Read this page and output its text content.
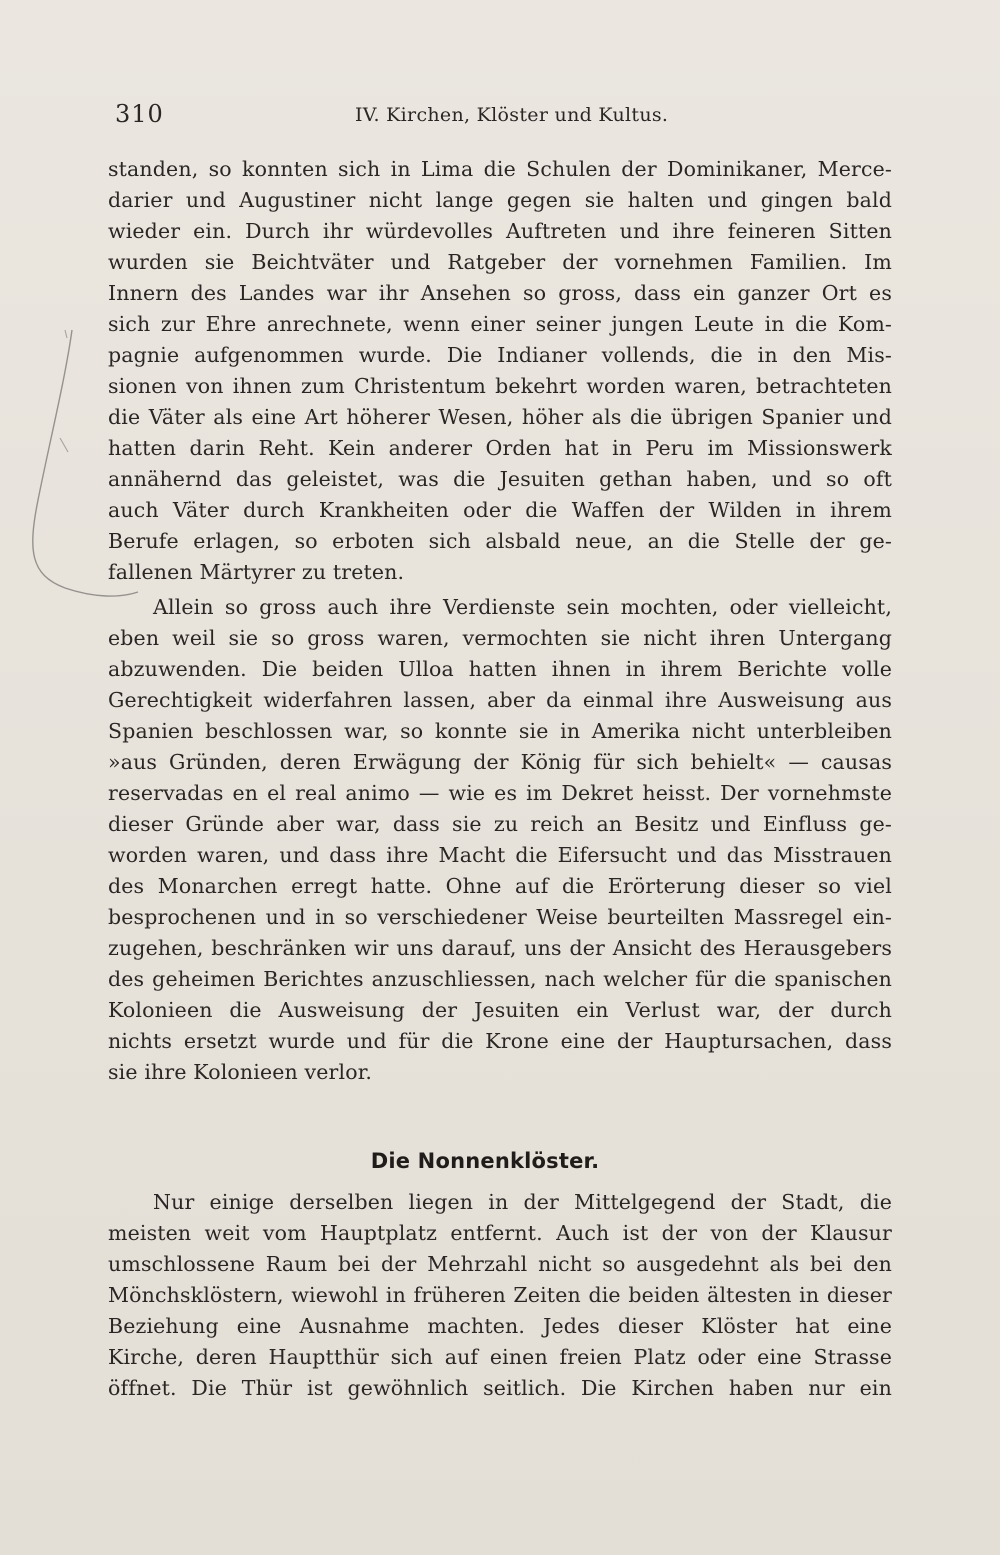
310	IV. Kirchen, Klöster und Kultus.
standen, so konnten sich in Lima die Schulen der Dominikaner, Merce-
darier und Augustiner nicht lange gegen sie halten und gingen bald
wieder ein. Durch ihr würdevolles Auftreten und ihre feineren Sitten
wurden sie Beichtväter und Ratgeber der vornehmen Familien. Im
Innern des Landes war ihr Ansehen so gross, dass ein ganzer Ort es
sich zur Ehre anrechnete, wenn einer seiner jungen Leute in die Kom-
pagnie aufgenommen wurde. Die Indianer vollends, die in den Mis-
sionen von ihnen zum Christentum bekehrt worden waren, betrachteten
die Väter als eine Art höherer Wesen, höher als die übrigen Spanier und
hatten darin Reht. Kein anderer Orden hat in Peru im Missionswerk
annähernd das geleistet, was die Jesuiten gethan haben, und so oft
auch Väter durch Krankheiten oder die Waffen der Wilden in ihrem
Berufe erlagen, so erboten sich alsbald neue, an die Stelle der ge-
fallenen Märtyrer zu treten.
Allein so gross auch ihre Verdienste sein mochten, oder vielleicht,
eben weil sie so gross waren, vermochten sie nicht ihren Untergang
abzuwenden. Die beiden Ulloa hatten ihnen in ihrem Berichte volle
Gerechtigkeit widerfahren lassen, aber da einmal ihre Ausweisung aus
Spanien beschlossen war, so konnte sie in Amerika nicht unterbleiben
»aus Gründen, deren Erwägung der König für sich behielt« — causas
reservadas en el real animo — wie es im Dekret heisst. Der vornehmste
dieser Gründe aber war, dass sie zu reich an Besitz und Einfluss ge-
worden waren, und dass ihre Macht die Eifersucht und das Misstrauen
des Monarchen erregt hatte. Ohne auf die Erörterung dieser so viel
besprochenen und in so verschiedener Weise beurteilten Massregel ein-
zugehen, beschränken wir uns darauf, uns der Ansicht des Herausgebers
des geheimen Berichtes anzuschliessen, nach welcher für die spanischen
Kolonieen die Ausweisung der Jesuiten ein Verlust war, der durch
nichts ersetzt wurde und für die Krone eine der Hauptursachen, dass
sie ihre Kolonieen verlor.
Die Nonnenklöster.
Nur einige derselben liegen in der Mittelgegend der Stadt, die
meisten weit vom Hauptplatz entfernt. Auch ist der von der Klausur
umschlossene Raum bei der Mehrzahl nicht so ausgedehnt als bei den
Mönchsklöstern, wiewohl in früheren Zeiten die beiden ältesten in dieser
Beziehung eine Ausnahme machten. Jedes dieser Klöster hat eine
Kirche, deren Hauptthür sich auf einen freien Platz oder eine Strasse
öffnet. Die Thür ist gewöhnlich seitlich. Die Kirchen haben nur ein
